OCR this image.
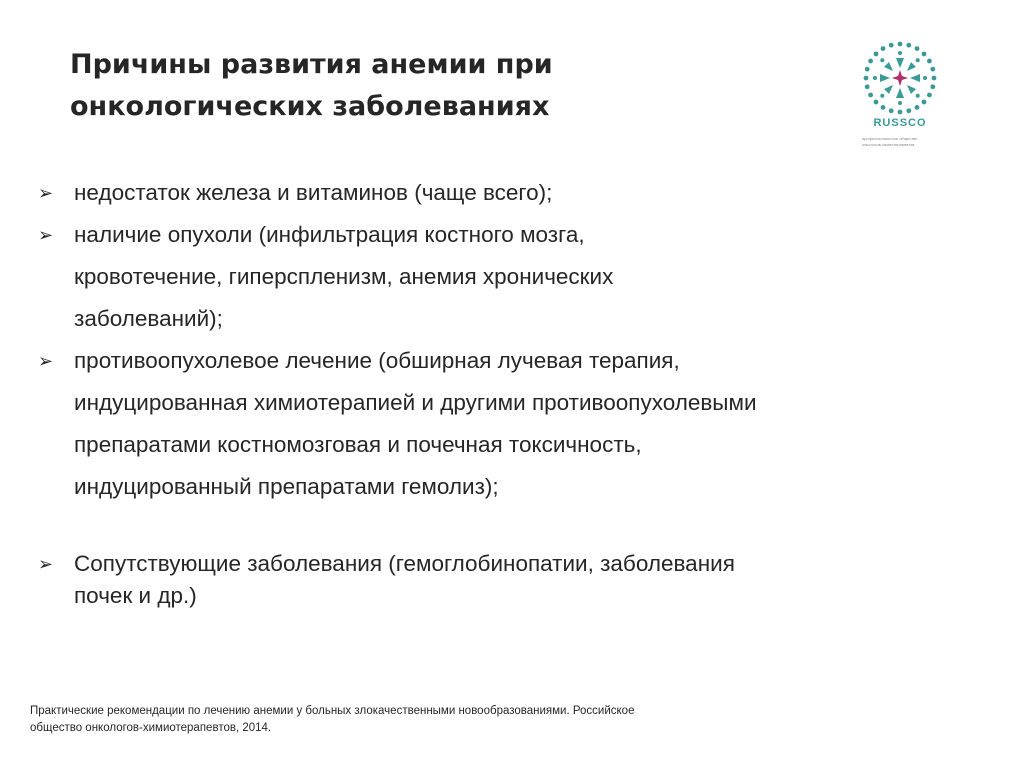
Причины развития анемии при
онкологических заболеваниях
RUSSCO
профессиональное общество онкологов-химиотерапевтов
➢ недостаток железа и витаминов (чаще всего);
➢ наличие опухоли (инфильтрация костного мозга,
кровотечение, гиперспленизм, анемия хронических
заболеваний);
➢ противоопухолевое лечение (обширная лучевая терапия,
индуцированная химиотерапией и другими противоопухолевыми
препаратами костномозговая и почечная токсичность,
индуцированный препаратами гемолиз);
➢ Сопутствующие заболевания (гемоглобинопатии, заболевания
почек и др.)
Практические рекомендации по лечению анемии у больных злокачественными новообразованиями. Российское
общество онкологов-химиотерапевтов, 2014.
